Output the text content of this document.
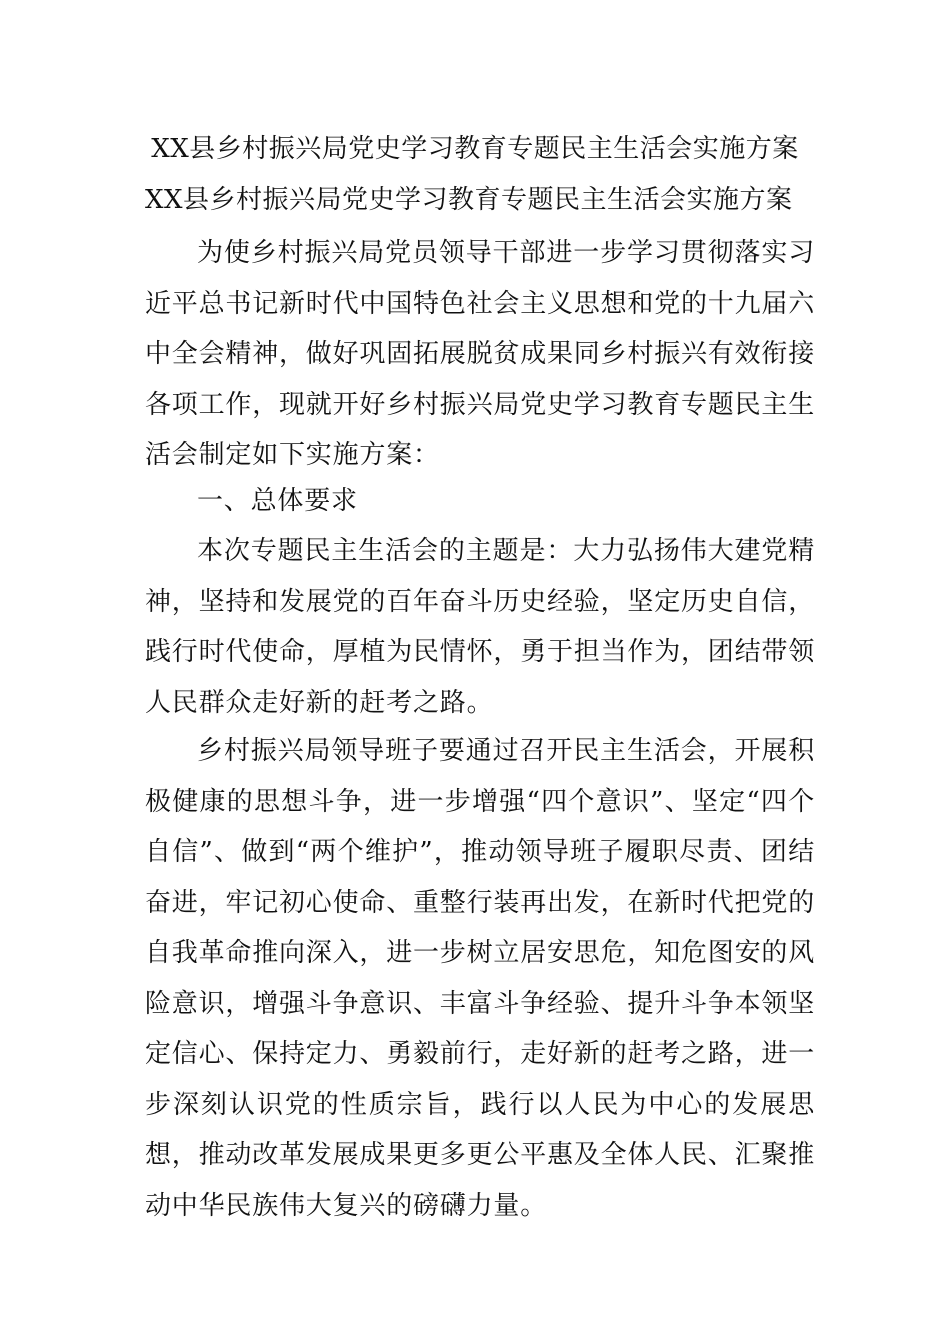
XX县乡村振兴局党史学习教育专题民主生活会实施方案
XX县乡村振兴局党史学习教育专题民主生活会实施方案

为使乡村振兴局党员领导干部进一步学习贯彻落实习近平总书记新时代中国特色社会主义思想和党的十九届六中全会精神，做好巩固拓展脱贫成果同乡村振兴有效衔接各项工作，现就开好乡村振兴局党史学习教育专题民主生活会制定如下实施方案：

一、总体要求

本次专题民主生活会的主题是：大力弘扬伟大建党精神，坚持和发展党的百年奋斗历史经验，坚定历史自信，践行时代使命，厚植为民情怀，勇于担当作为，团结带领人民群众走好新的赶考之路。

乡村振兴局领导班子要通过召开民主生活会，开展积极健康的思想斗争，进一步增强“四个意识”、坚定“四个自信”、做到“两个维护”，推动领导班子履职尽责、团结奋进，牢记初心使命、重整行装再出发，在新时代把党的自我革命推向深入，进一步树立居安思危，知危图安的风险意识，增强斗争意识、丰富斗争经验、提升斗争本领坚定信心、保持定力、勇毅前行，走好新的赶考之路，进一步深刻认识党的性质宗旨，践行以人民为中心的发展思想，推动改革发展成果更多更公平惠及全体人民、汇聚推动中华民族伟大复兴的磅礴力量。
